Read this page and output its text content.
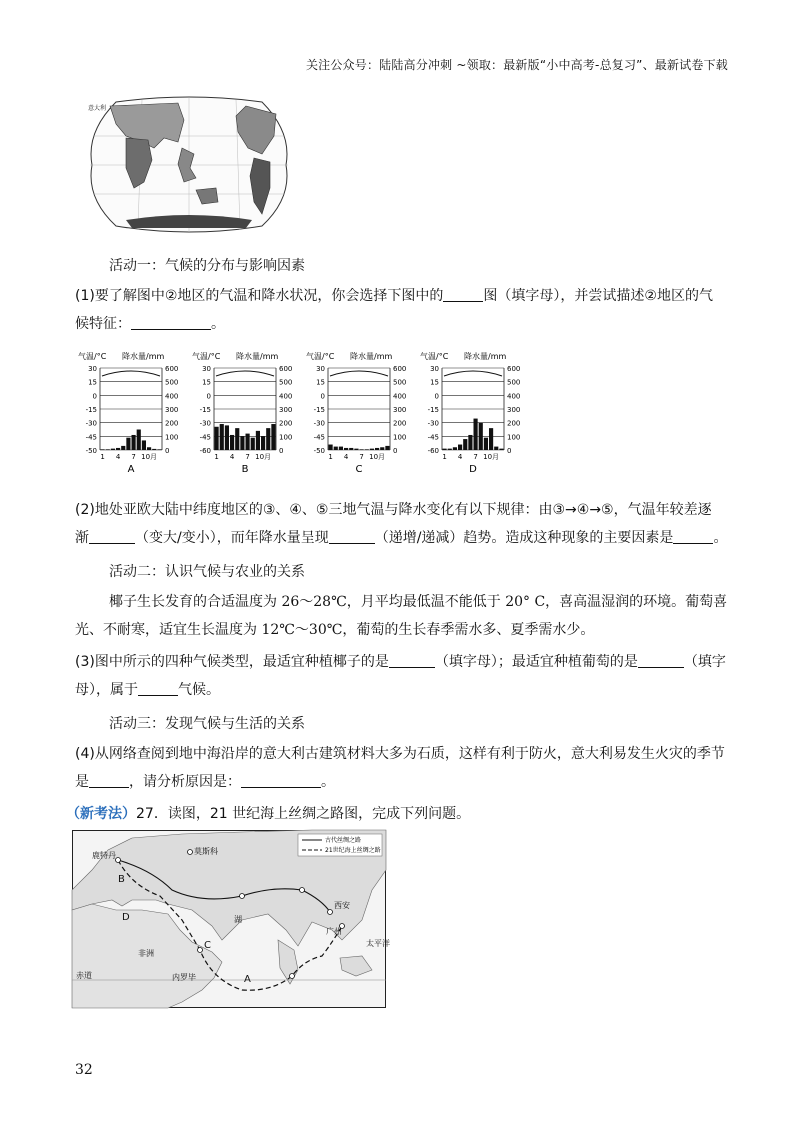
关注公众号：陆陆高分冲刺 ~领取：最新版“小中高考-总复习”、最新试卷下载
意大利
活动一：气候的分布与影响因素
(1)要了解图中②地区的气温和降水状况，你会选择下图中的	图（填字母），并尝试描述②地区的气
候特征：	。
气温/°C 降水量/mm
30	600
15	500
0	400
-15	300
-30	200
-45	100
-50	0
1 4 7 10月
A
气温/°C 降水量/mm
30	600
15	500
0	400
-15	300
-30	200
-45	100
-60	0
1 4 7 10月
B
气温/°C 降水量/mm
30	600
15	500
0	400
-15	300
-30	200
-45	100
-50	0
1 4 7 10月
C
气温/°C 降水量/mm
30	600
15	500
0	400
-15	300
-30	200
-45	100
-60	0
1 4 7 10月
D
(2)地处亚欧大陆中纬度地区的③、④、⑤三地气温与降水变化有以下规律：由③→④→⑤，气温年较差逐
渐	（变大/变小），而年降水量呈现	（递增/递减）趋势。造成这种现象的主要因素是	。
活动二：认识气候与农业的关系
椰子生长发育的合适温度为 26～28℃，月平均最低温不能低于 20° C，喜高温湿润的环境。葡萄喜
光、不耐寒，适宜生长温度为 12℃～30℃，葡萄的生长春季需水多、夏季需水少。
(3)图中所示的四种气候类型，最适宜种植椰子的是	（填字母）；最适宜种植葡萄的是	（填字
母），属于	气候。
活动三：发现气候与生活的关系
(4)从网络查阅到地中海沿岸的意大利古建筑材料大多为石质，这样有利于防火，意大利易发生火灾的季节
是	，请分析原因是：	。
（新考法）27．读图，21 世纪海上丝绸之路图，完成下列问题。
古代丝绸之路
21世纪海上丝绸之路
鹿特丹	莫斯科
西安
广州
太平洋
非洲
内罗毕
赤道
湖
A
B
C
D
32
